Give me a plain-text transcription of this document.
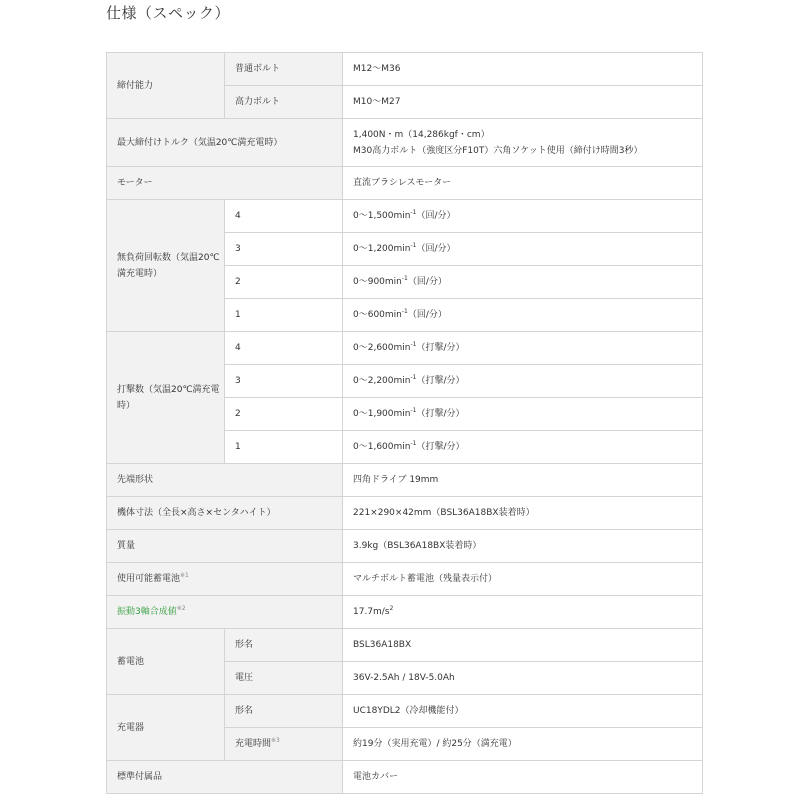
仕様（スペック）
締付能力	普通ボルト	M12～M36
	高力ボルト	M10～M27
最大締付けトルク（気温20℃満充電時）		1,400N・m（14,286kgf・cm）
M30高力ボルト（強度区分F10T）六角ソケット使用（締付け時間3秒）

モーター		直流ブラシレスモーター
無負荷回転数（気温20℃満充電時）	4	$0\sim 1,500\min^{-1}$（回/分）
	3	$0\sim 1,200\min^{-1}$（回/分）
	2	$0\sim 900\min^{-1}$（回/分）
	1	$0\sim 600\min^{-1}$（回/分）
打撃数（気温20℃満充電時）	4	$0\sim 2,600\min^{-1}$（打撃/分）
	3	$0\sim 2,200\min^{-1}$（打撃/分）
	2	$0\sim 1,900\min^{-1}$（打撃/分）
	1	$0\sim 1,600\min^{-1}$（打撃/分）
先端形状		四角ドライブ 19mm
機体寸法（全長×高さ×センタハイト）		221×290×42mm（BSL36A18BX装着時）
質量		3.9kg（BSL36A18BX装着時）
使用可能蓄電池$^{※1}$		マルチボルト蓄電池（残量表示付）
振動3軸合成値$^{※2}$		$17.7m/s^2$
蓄電池	形名	BSL36A18BX
	電圧	36V-2.5Ah / 18V-5.0Ah
充電器	形名	UC18YDL2（冷却機能付）
	充電時間$^{※3}$	約19分（実用充電）/ 約25分（満充電）
標準付属品		電池カバー
